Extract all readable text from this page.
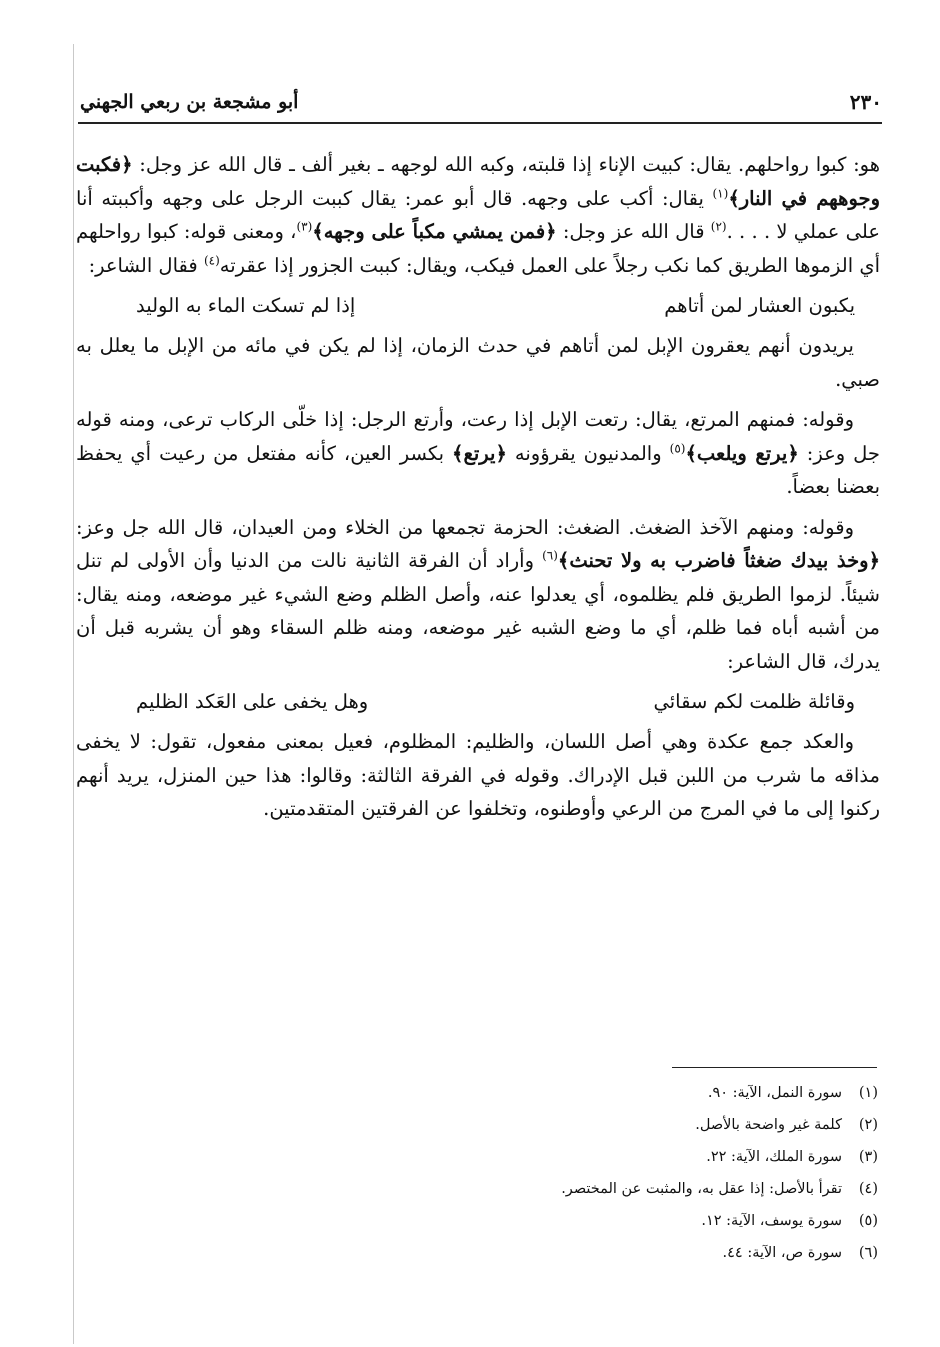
٢٣٠
أبو مشجعة بن ربعي الجهني

هو: كبوا رواحلهم. يقال: كبيت الإناء إذا قلبته، وكبه الله لوجهه ـ بغير ألف ـ قال الله عز وجل: ﴿فكبت وجوههم في النار﴾$^{(١)}$ يقال: أكب على وجهه. قال أبو عمر: يقال كببت الرجل على وجهه وأكببته أنا على عملي لا . . . .$^{(٢)}$ قال الله عز وجل: ﴿فمن يمشي مكباً على وجهه﴾$^{(٣)}$، ومعنى قوله: كبوا رواحلهم أي الزموها الطريق كما نكب رجلاً على العمل فيكب، ويقال: كببت الجزور إذا عقرته$^{(٤)}$ فقال الشاعر:

يكبون العشار لمن أتاهم
إذا لم تسكت الماء به الوليد

يريدون أنهم يعقرون الإبل لمن أتاهم في حدث الزمان، إذا لم يكن في مائه من الإبل ما يعلل به صبي.

وقوله: فمنهم المرتع، يقال: رتعت الإبل إذا رعت، وأرتع الرجل: إذا خلّى الركاب ترعى، ومنه قوله جل وعز: ﴿يرتع ويلعب﴾$^{(٥)}$ والمدنيون يقرؤونه ﴿يرتع﴾ بكسر العين، كأنه مفتعل من رعيت أي يحفظ بعضنا بعضاً.

وقوله: ومنهم الآخذ الضغث. الضغث: الحزمة تجمعها من الخلاء ومن العيدان، قال الله جل وعز: ﴿وخذ بيدك ضغثاً فاضرب به ولا تحنث﴾$^{(٦)}$ وأراد أن الفرقة الثانية نالت من الدنيا وأن الأولى لم تنل شيئاً. لزموا الطريق فلم يظلموه، أي يعدلوا عنه، وأصل الظلم وضع الشيء غير موضعه، ومنه يقال: من أشبه أباه فما ظلم، أي ما وضع الشبه غير موضعه، ومنه ظلم السقاء وهو أن يشربه قبل أن يدرك، قال الشاعر:

وقائلة ظلمت لكم سقائي
وهل يخفى على العَكد الظليم

والعكد جمع عكدة وهي أصل اللسان، والظليم: المظلوم، فعيل بمعنى مفعول، تقول: لا يخفى مذاقه ما شرب من اللبن قبل الإدراك. وقوله في الفرقة الثالثة: وقالوا: هذا حين المنزل، يريد أنهم ركنوا إلى ما في المرج من الرعي وأوطنوه، وتخلفوا عن الفرقتين المتقدمتين.

(١)
سورة النمل، الآية: ٩٠.
(٢)
كلمة غير واضحة بالأصل.
(٣)
سورة الملك، الآية: ٢٢.
(٤)
تقرأ بالأصل: إذا عقل به، والمثبت عن المختصر.
(٥)
سورة يوسف، الآية: ١٢.
(٦)
سورة ص، الآية: ٤٤.
